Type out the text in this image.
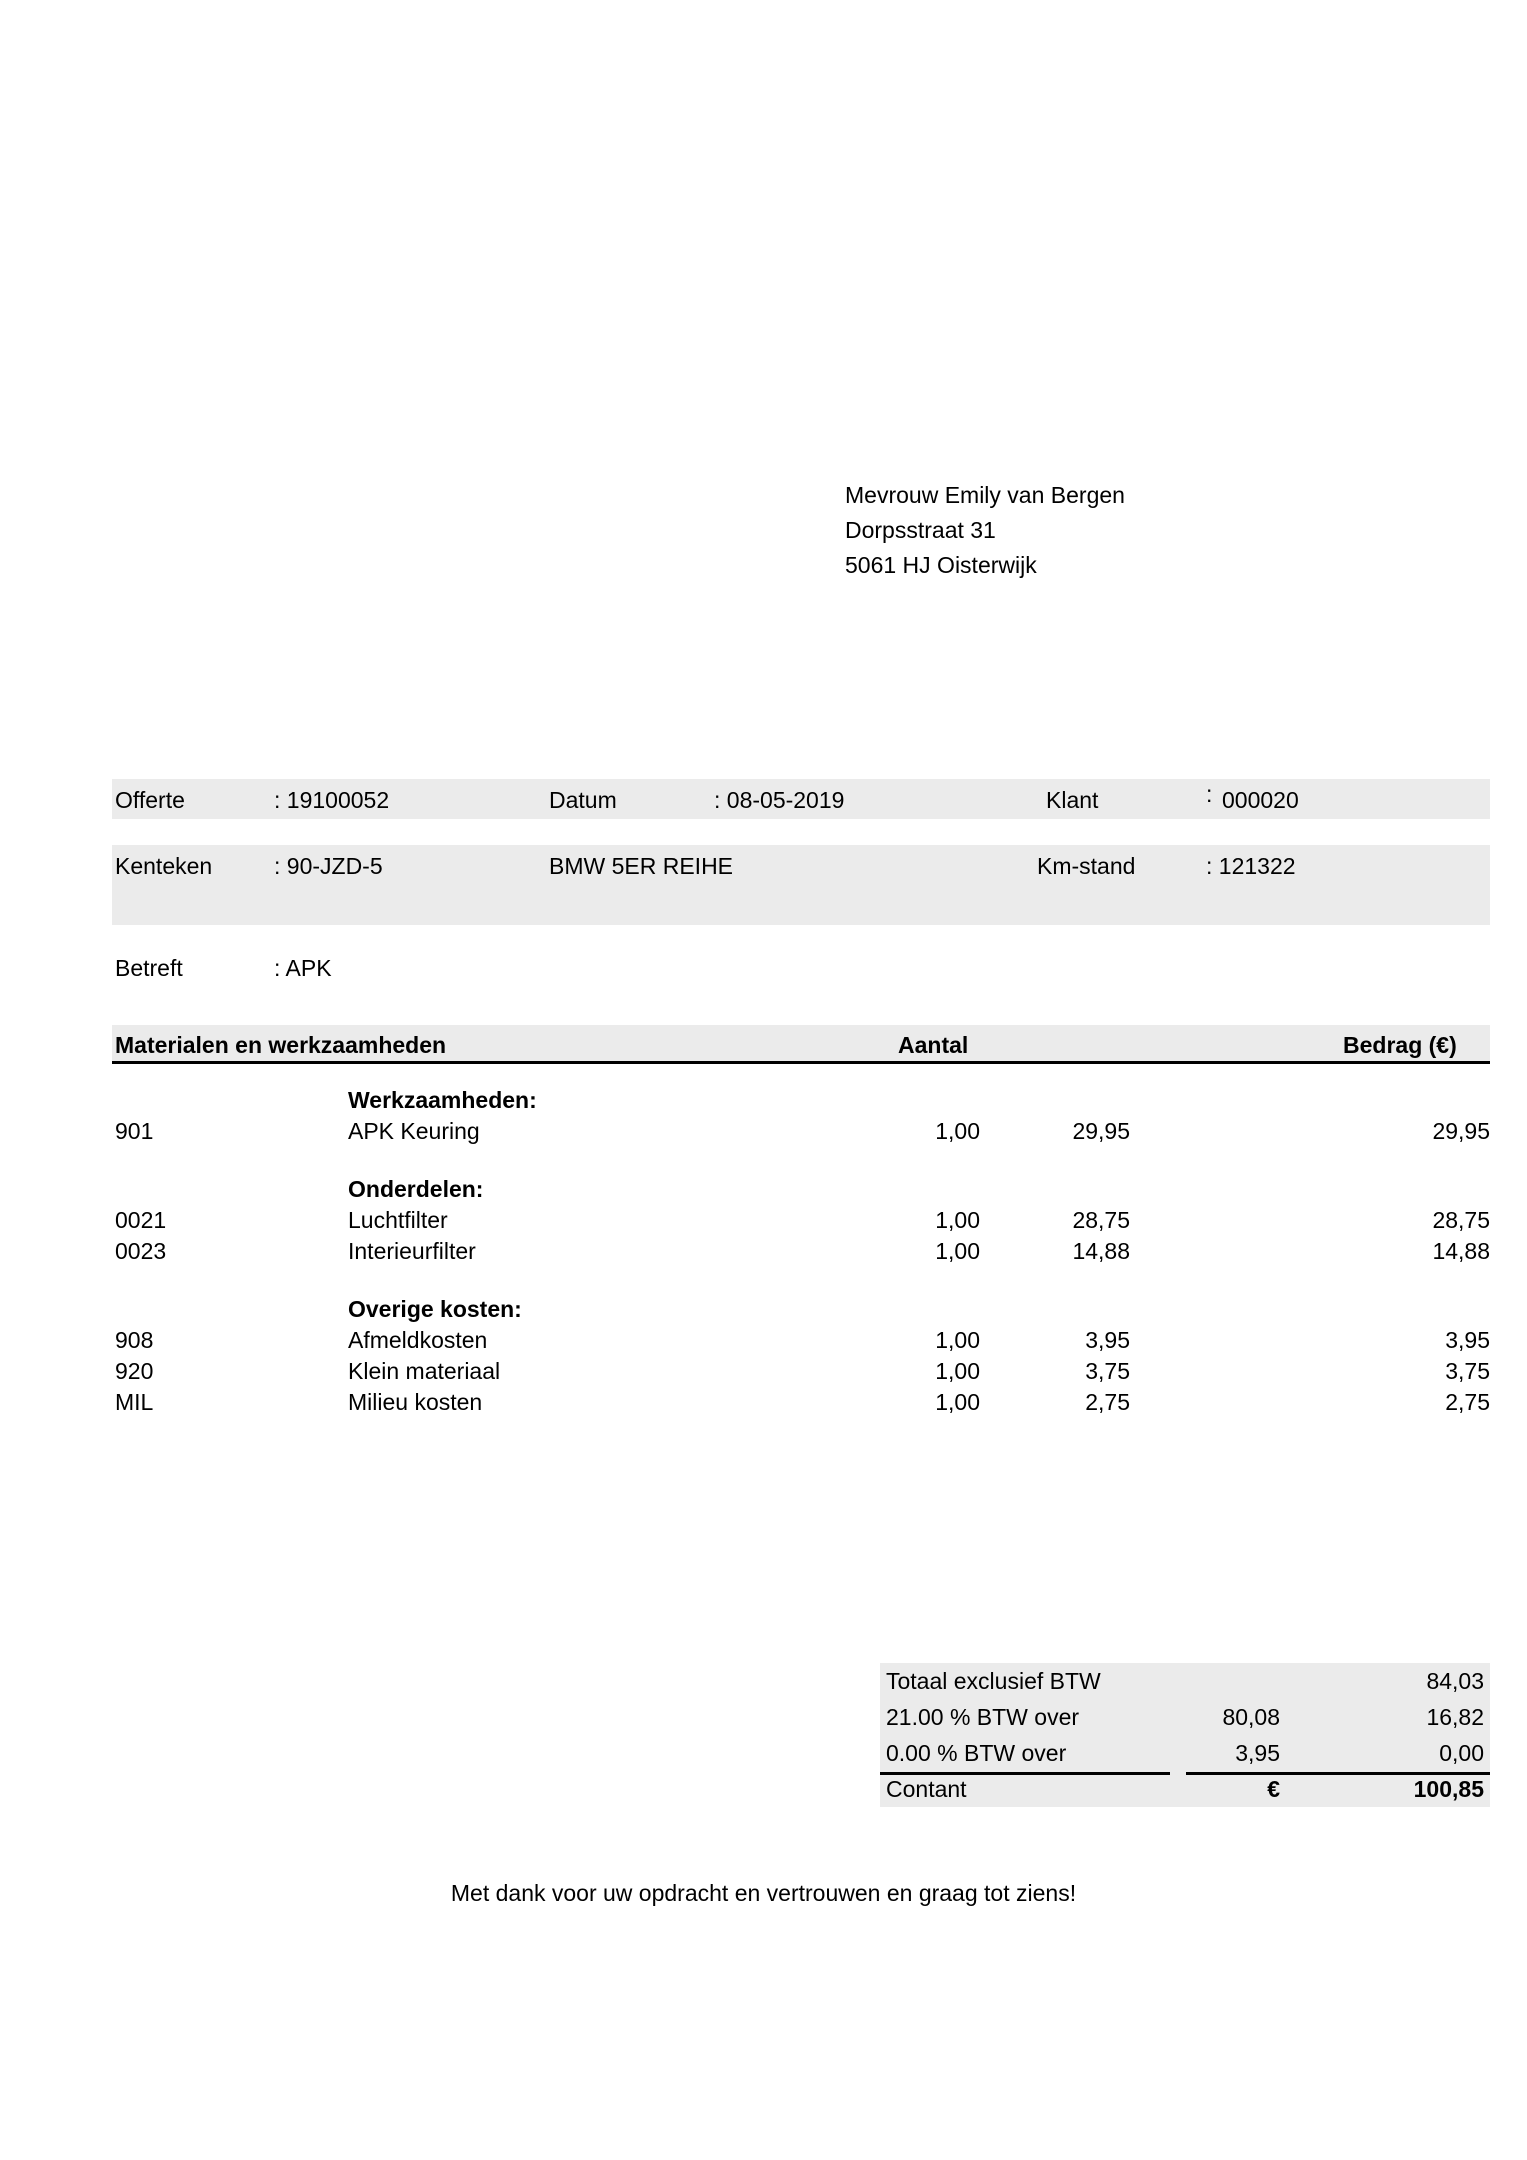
Mevrouw Emily van Bergen
Dorpsstraat 31
5061 HJ Oisterwijk
Offerte	: 19100052	Datum	: 08-05-2019	Klant	: 000020
Kenteken	: 90-JZD-5	BMW 5ER REIHE	Km-stand	: 121322
Betreft	: APK
Materialen en werkzaamheden	Aantal	Bedrag (€)
Werkzaamheden:
901	APK Keuring	1,00	29,95	29,95
Onderdelen:
0021	Luchtfilter	1,00	28,75	28,75
0023	Interieurfilter	1,00	14,88	14,88
Overige kosten:
908	Afmeldkosten	1,00	3,95	3,95
920	Klein materiaal	1,00	3,75	3,75
MIL	Milieu kosten	1,00	2,75	2,75
Totaal exclusief BTW	84,03
21.00 % BTW over	80,08	16,82
0.00 % BTW over	3,95	0,00
Contant	€	100,85
Met dank voor uw opdracht en vertrouwen en graag tot ziens!
